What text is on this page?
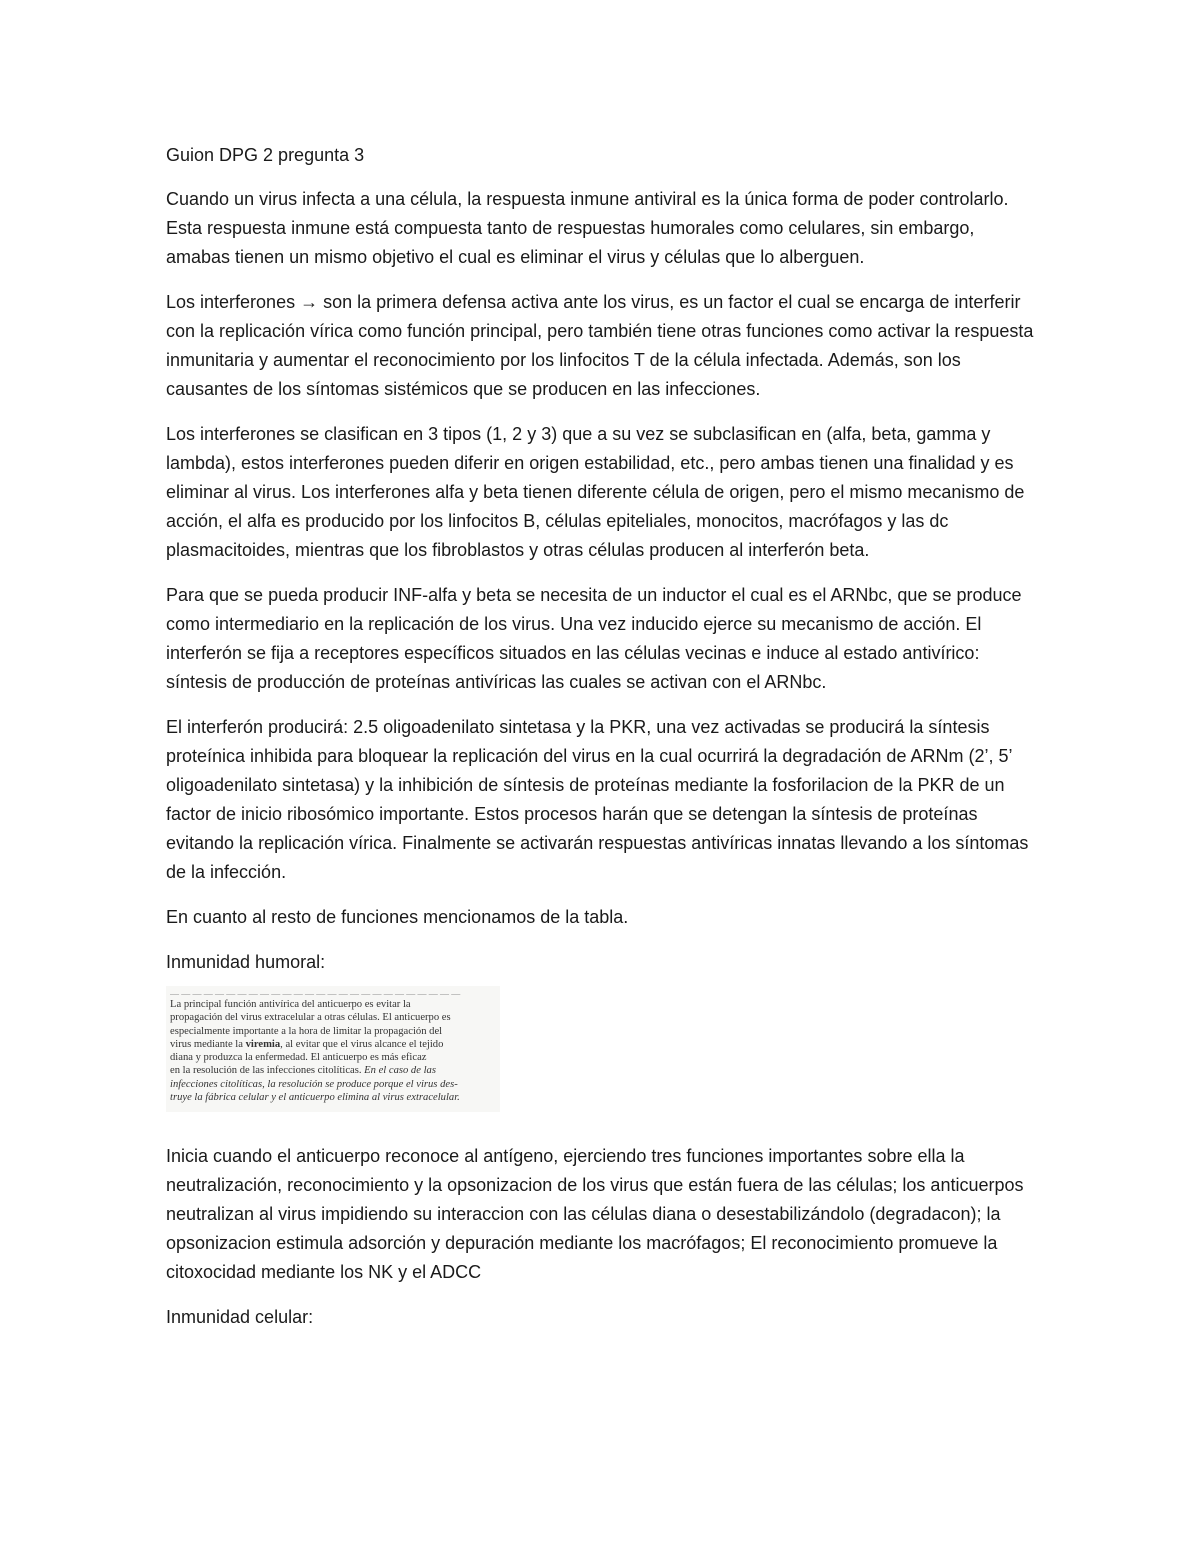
Guion DPG 2 pregunta 3

Cuando un virus infecta a una célula, la respuesta inmune antiviral es la única forma de poder controlarlo. Esta respuesta inmune está compuesta tanto de respuestas humorales como celulares, sin embargo, amabas tienen un mismo objetivo el cual es eliminar el virus y células que lo alberguen.

Los interferones → son la primera defensa activa ante los virus, es un factor el cual se encarga de interferir con la replicación vírica como función principal, pero también tiene otras funciones como activar la respuesta inmunitaria y aumentar el reconocimiento por los linfocitos T de la célula infectada. Además, son los causantes de los síntomas sistémicos que se producen en las infecciones.

Los interferones se clasifican en 3 tipos (1, 2 y 3) que a su vez se subclasifican en (alfa, beta, gamma y lambda), estos interferones pueden diferir en origen estabilidad, etc., pero ambas tienen una finalidad y es eliminar al virus. Los interferones alfa y beta tienen diferente célula de origen, pero el mismo mecanismo de acción, el alfa es producido por los linfocitos B, células epiteliales, monocitos, macrófagos y las dc plasmacitoides, mientras que los fibroblastos y otras células producen al interferón beta.

Para que se pueda producir INF-alfa y beta se necesita de un inductor el cual es el ARNbc, que se produce como intermediario en la replicación de los virus. Una vez inducido ejerce su mecanismo de acción. El interferón se fija a receptores específicos situados en las células vecinas e induce al estado antivírico: síntesis de producción de proteínas antivíricas las cuales se activan con el ARNbc.

El interferón producirá: 2.5 oligoadenilato sintetasa y la PKR, una vez activadas se producirá la síntesis proteínica inhibida para bloquear la replicación del virus en la cual ocurrirá la degradación de ARNm (2’, 5’ oligoadenilato sintetasa) y la inhibición de síntesis de proteínas mediante la fosforilacion de la PKR de un factor de inicio ribosómico importante. Estos procesos harán que se detengan la síntesis de proteínas evitando la replicación vírica. Finalmente se activarán respuestas antivíricas innatas llevando a los síntomas de la infección.

En cuanto al resto de funciones mencionamos de la tabla.

Inmunidad humoral:
— — — — — — — — — — — — — — — — — — — — — — — — — —
La principal función antivírica del anticuerpo es evitar la
propagación del virus extracelular a otras células. El anticuerpo es
especialmente importante a la hora de limitar la propagación del
virus mediante la viremia, al evitar que el virus alcance el tejido
diana y produzca la enfermedad. El anticuerpo es más eficaz
en la resolución de las infecciones citolíticas. En el caso de las
infecciones citolíticas, la resolución se produce porque el virus des-
truye la fábrica celular y el anticuerpo elimina al virus extracelular.

Inicia cuando el anticuerpo reconoce al antígeno, ejerciendo tres funciones importantes sobre ella la neutralización, reconocimiento y la opsonizacion de los virus que están fuera de las células; los anticuerpos neutralizan al virus impidiendo su interaccion con las células diana o desestabilizándolo (degradacon); la opsonizacion estimula adsorción y depuración mediante los macrófagos; El reconocimiento promueve la citoxocidad mediante los NK y el ADCC

Inmunidad celular:
